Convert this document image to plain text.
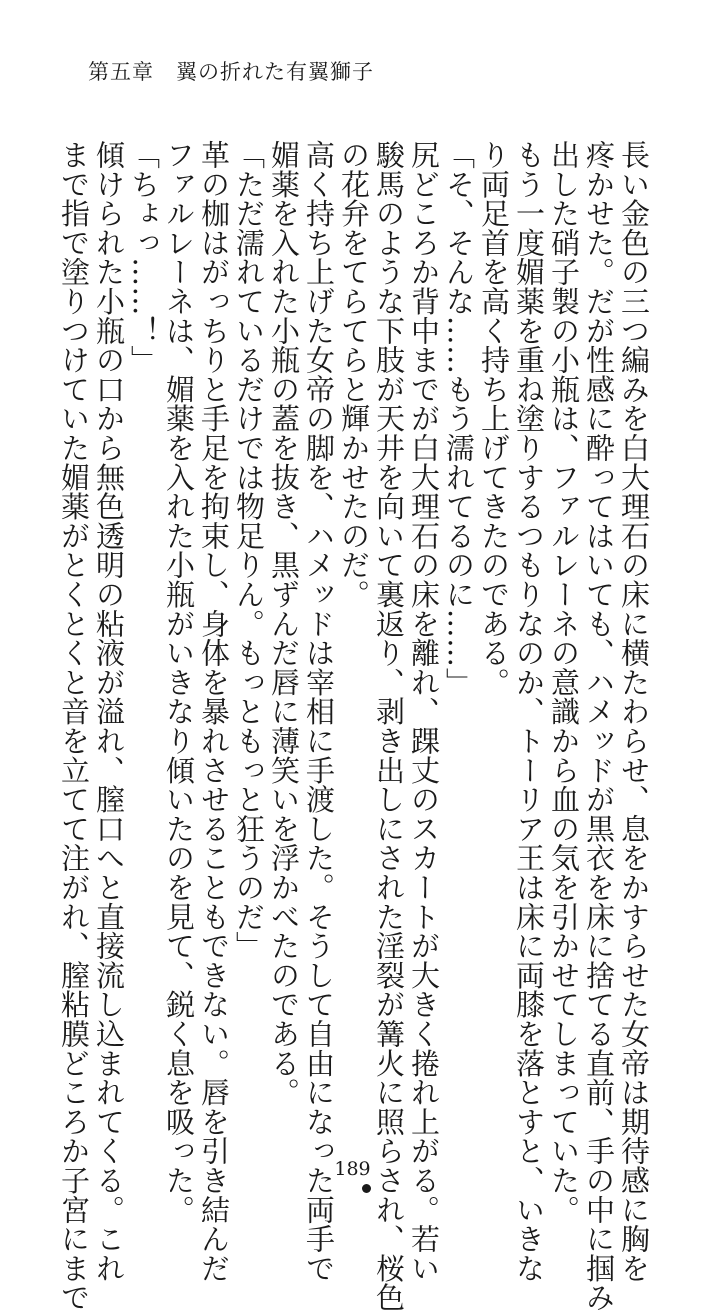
第五章　翼の折れた有翼獅子
長い金色の三つ編みを白大理石の床に横たわらせ、息をかすらせた女帝は期待感に胸を
疼かせた。だが性感に酔ってはいても、ハメッドが黒衣を床に捨てる直前、手の中に掴み
出した硝子製の小瓶は、ファルレーネの意識から血の気を引かせてしまっていた。
もう一度媚薬を重ね塗りするつもりなのか、トーリア王は床に両膝を落とすと、いきな
り両足首を高く持ち上げてきたのである。
「そ、そんな……もう濡れてるのに……」
尻どころか背中までが白大理石の床を離れ、踝丈のスカートが大きく捲れ上がる。若い
駿馬のような下肢が天井を向いて裏返り、剥き出しにされた淫裂が篝火に照らされ、桜色
の花弁をてらてらと輝かせたのだ。
高く持ち上げた女帝の脚を、ハメッドは宰相に手渡した。そうして自由になった両手で
媚薬を入れた小瓶の蓋を抜き、黒ずんだ唇に薄笑いを浮かべたのである。
「ただ濡れているだけでは物足りん。もっともっと狂うのだ」
革の枷はがっちりと手足を拘束し、身体を暴れさせることもできない。唇を引き結んだ
ファルレーネは、媚薬を入れた小瓶がいきなり傾いたのを見て、鋭く息を吸った。
「ちょっ……！」
傾けられた小瓶の口から無色透明の粘液が溢れ、膣口へと直接流し込まれてくる。これ
まで指で塗りつけていた媚薬がとくとくと音を立てて注がれ、膣粘膜どころか子宮にまで	189
